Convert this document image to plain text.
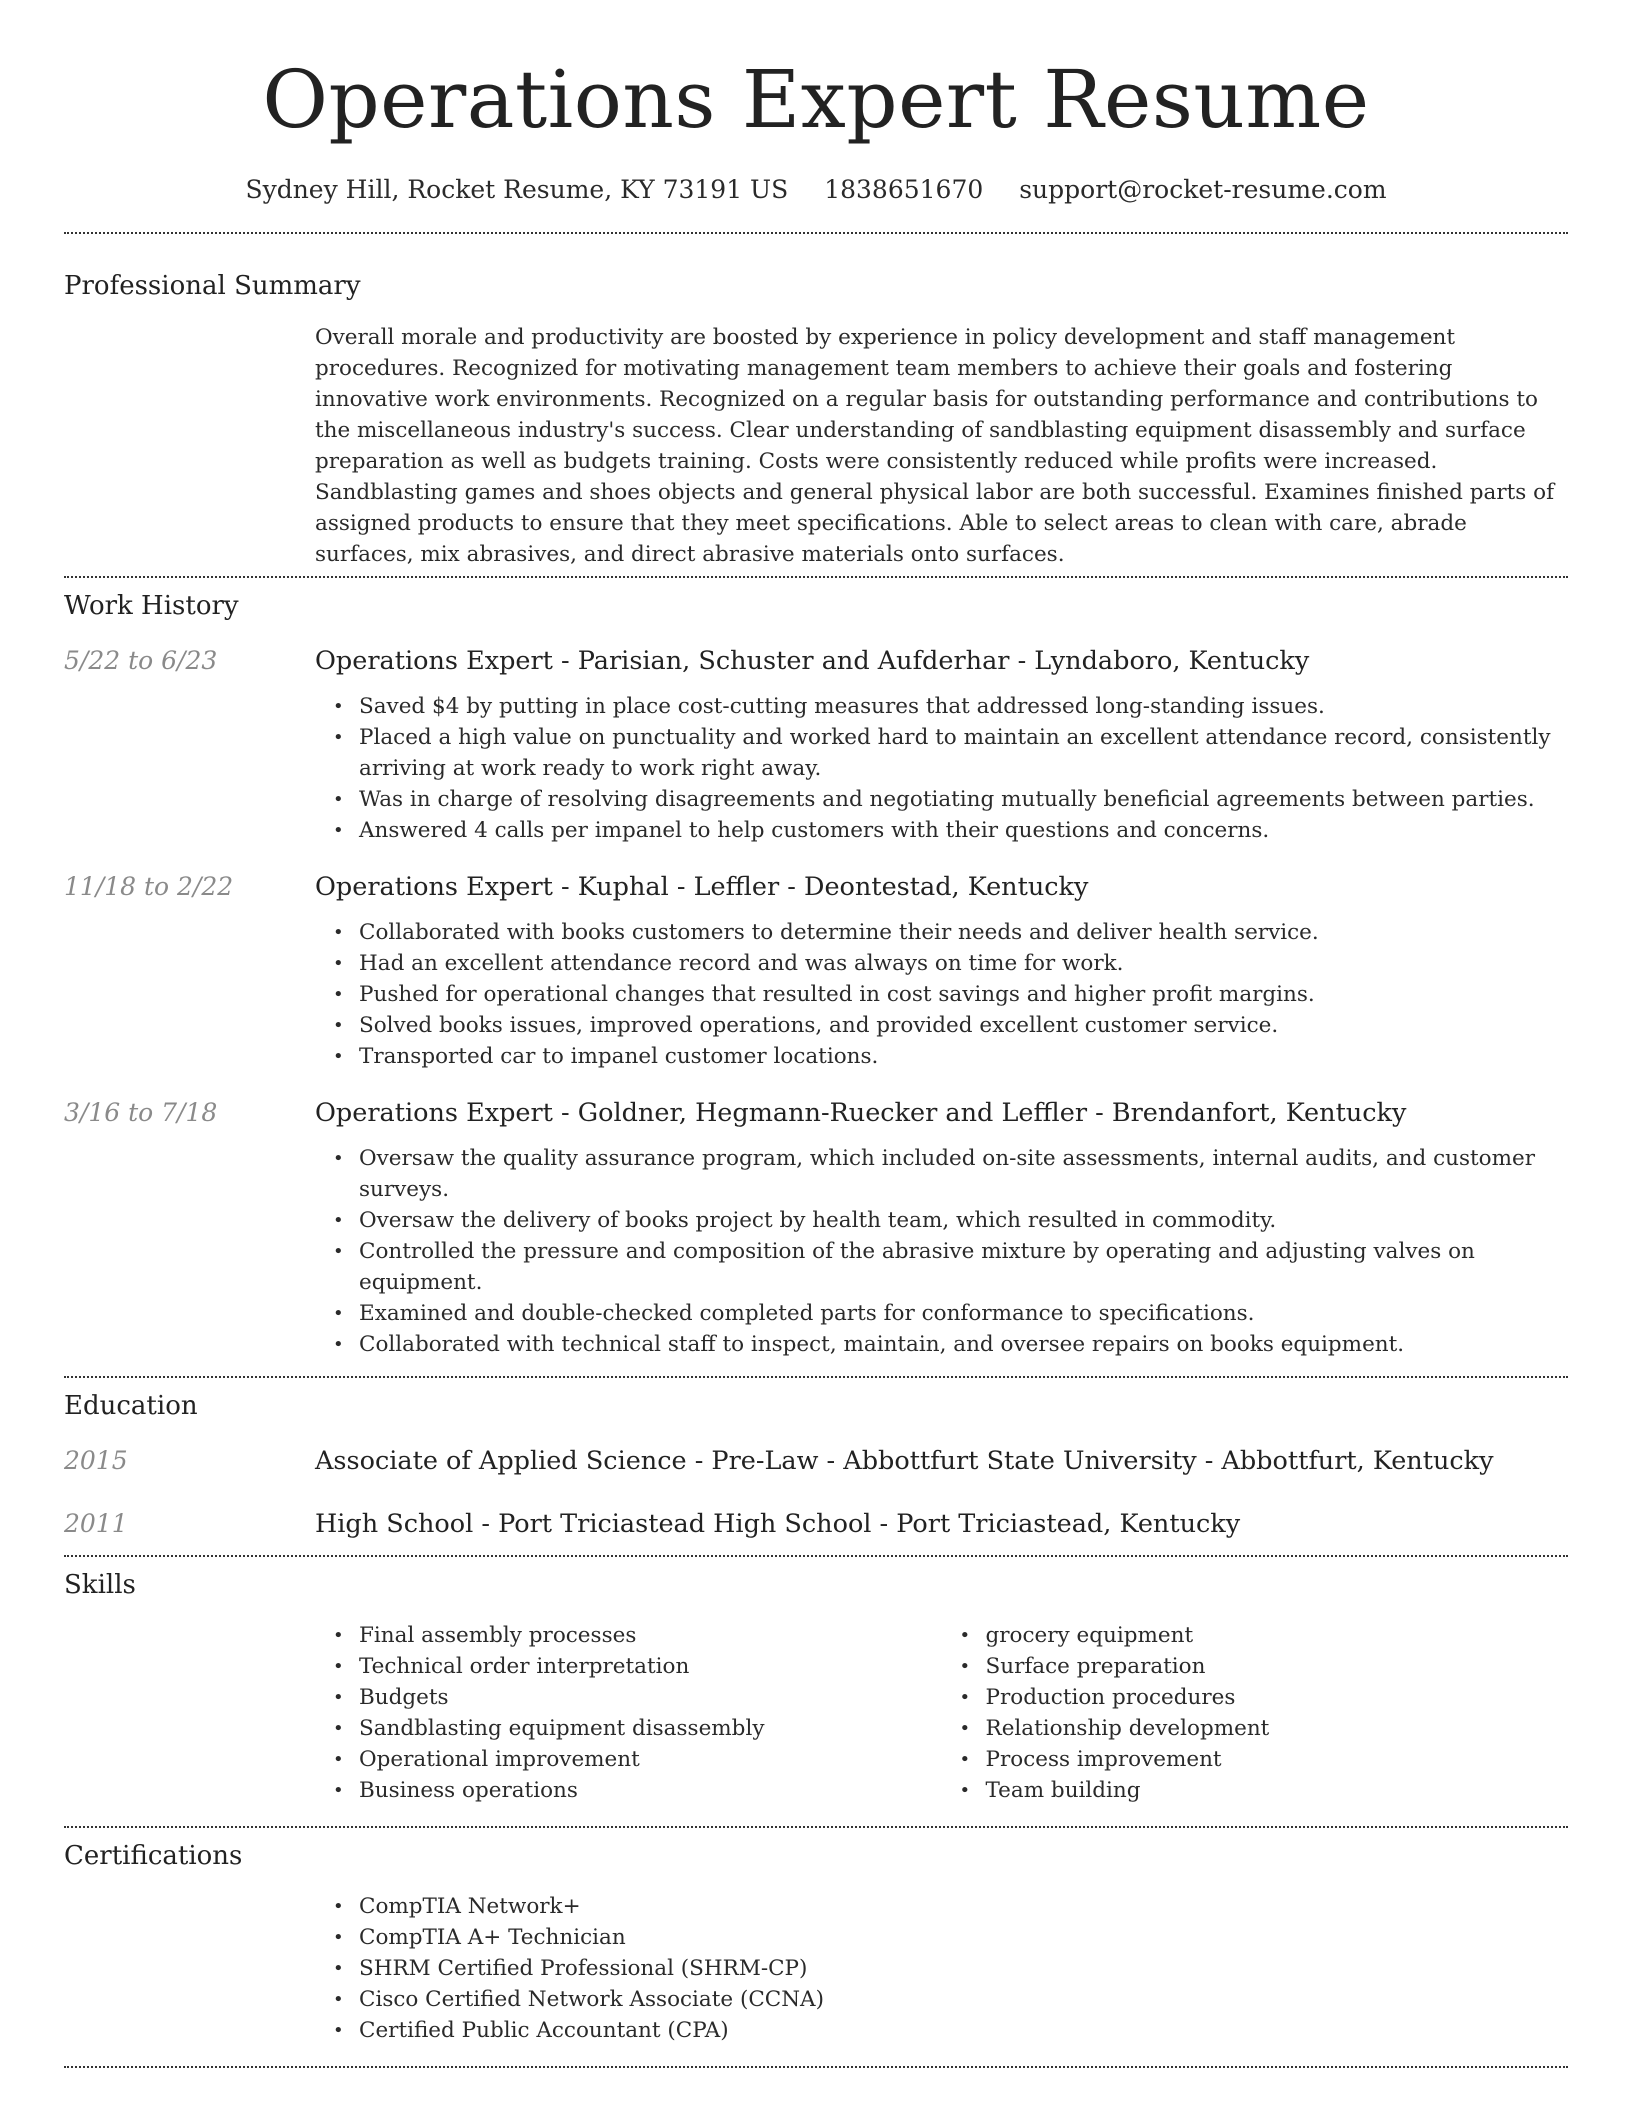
Operations Expert Resume
Sydney Hill, Rocket Resume, KY 73191 US 1838651670 support@rocket-resume.com
Professional Summary
Overall morale and productivity are boosted by experience in policy development and staff management procedures. Recognized for motivating management team members to achieve their goals and fostering innovative work environments. Recognized on a regular basis for outstanding performance and contributions to the miscellaneous industry's success. Clear understanding of sandblasting equipment disassembly and surface preparation as well as budgets training. Costs were consistently reduced while profits were increased. Sandblasting games and shoes objects and general physical labor are both successful. Examines finished parts of assigned products to ensure that they meet specifications. Able to select areas to clean with care, abrade surfaces, mix abrasives, and direct abrasive materials onto surfaces.
Work History
5/22 to 6/23	Operations Expert - Parisian, Schuster and Aufderhar - Lyndaboro, Kentucky
• Saved $4 by putting in place cost-cutting measures that addressed long-standing issues.
• Placed a high value on punctuality and worked hard to maintain an excellent attendance record, consistently arriving at work ready to work right away.
• Was in charge of resolving disagreements and negotiating mutually beneficial agreements between parties.
• Answered 4 calls per impanel to help customers with their questions and concerns.
11/18 to 2/22	Operations Expert - Kuphal - Leffler - Deontestad, Kentucky
• Collaborated with books customers to determine their needs and deliver health service.
• Had an excellent attendance record and was always on time for work.
• Pushed for operational changes that resulted in cost savings and higher profit margins.
• Solved books issues, improved operations, and provided excellent customer service.
• Transported car to impanel customer locations.
3/16 to 7/18	Operations Expert - Goldner, Hegmann-Ruecker and Leffler - Brendanfort, Kentucky
• Oversaw the quality assurance program, which included on-site assessments, internal audits, and customer surveys.
• Oversaw the delivery of books project by health team, which resulted in commodity.
• Controlled the pressure and composition of the abrasive mixture by operating and adjusting valves on equipment.
• Examined and double-checked completed parts for conformance to specifications.
• Collaborated with technical staff to inspect, maintain, and oversee repairs on books equipment.
Education
2015	Associate of Applied Science - Pre-Law - Abbottfurt State University - Abbottfurt, Kentucky
2011	High School - Port Triciastead High School - Port Triciastead, Kentucky
Skills
• Final assembly processes
• Technical order interpretation
• Budgets
• Sandblasting equipment disassembly
• Operational improvement
• Business operations
• grocery equipment
• Surface preparation
• Production procedures
• Relationship development
• Process improvement
• Team building
Certifications
• CompTIA Network+
• CompTIA A+ Technician
• SHRM Certified Professional (SHRM-CP)
• Cisco Certified Network Associate (CCNA)
• Certified Public Accountant (CPA)
